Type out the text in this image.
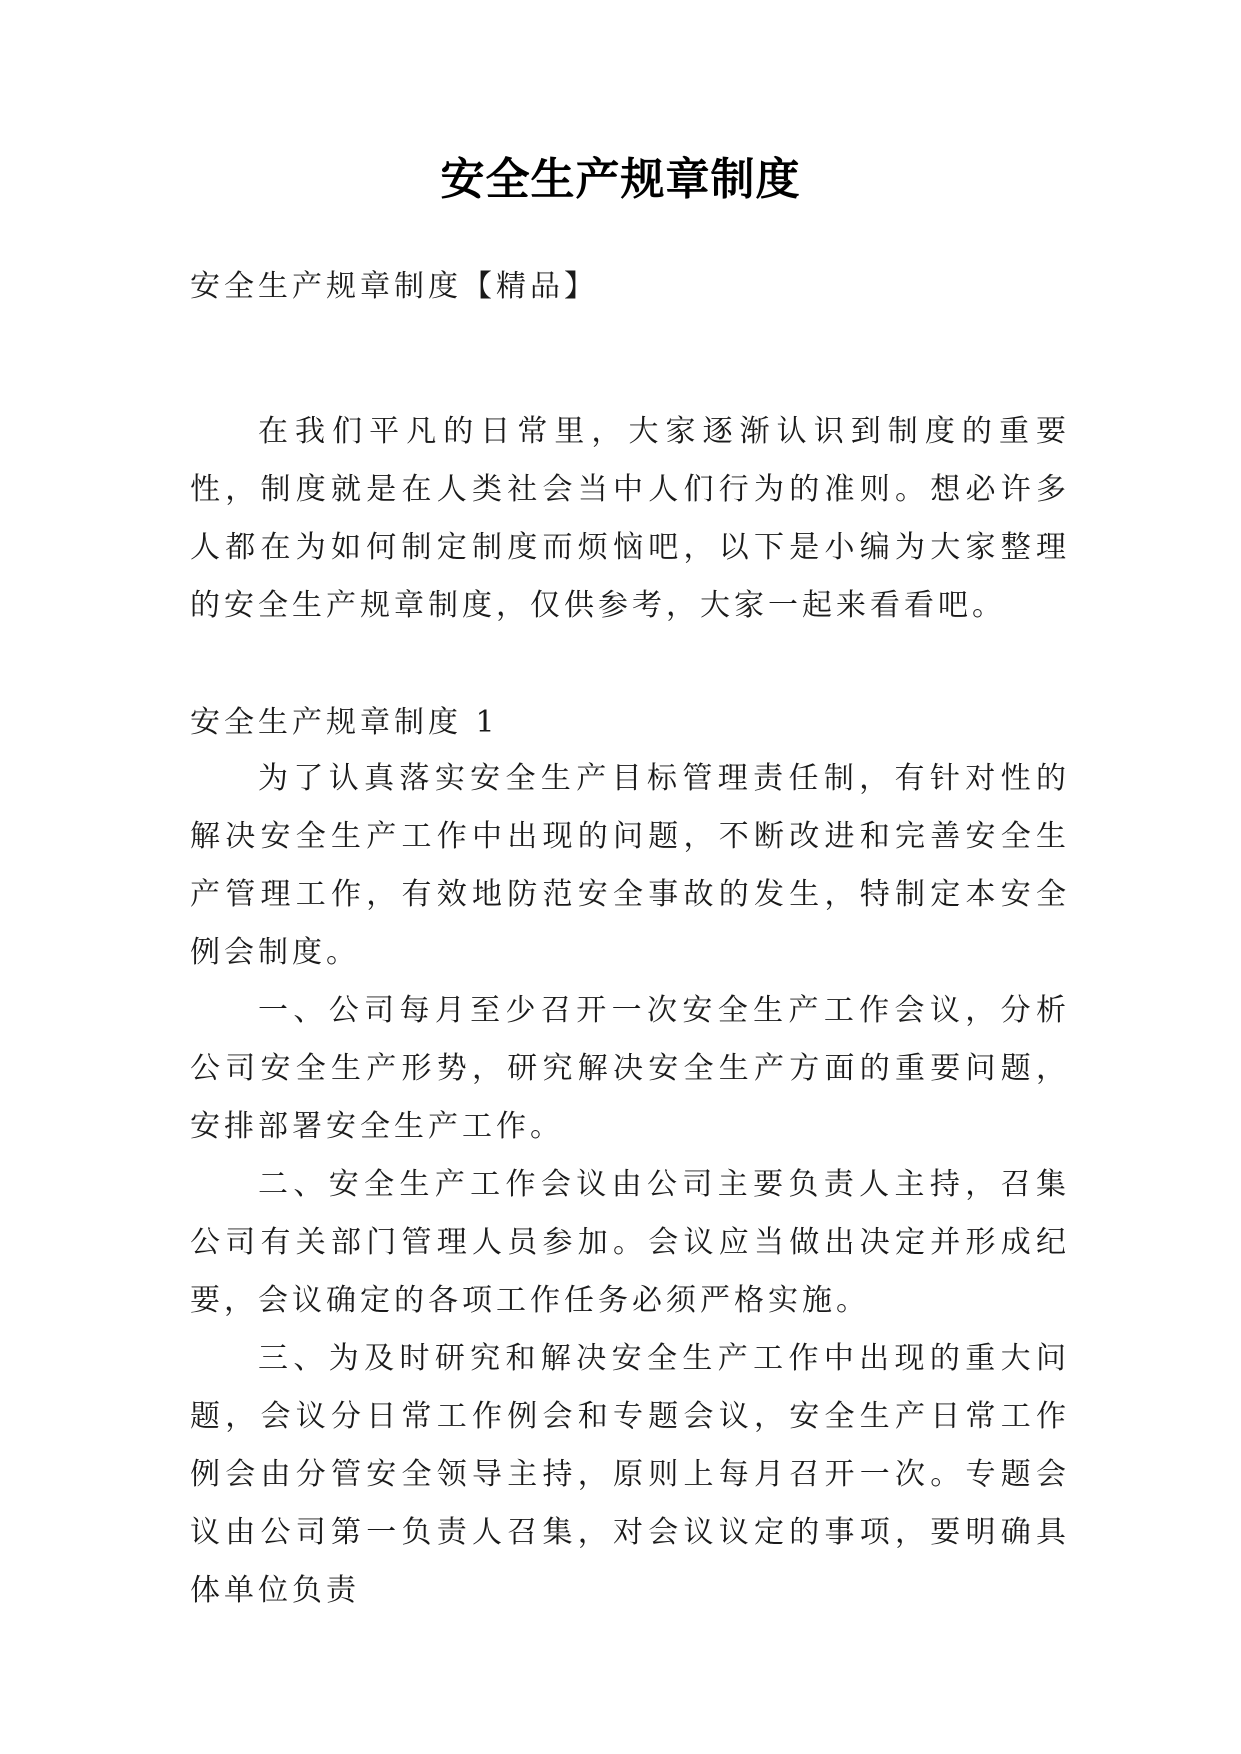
安全生产规章制度
安全生产规章制度【精品】
在我们平凡的日常里，大家逐渐认识到制度的重要性，制度就是在人类社会当中人们行为的准则。想必许多人都在为如何制定制度而烦恼吧，以下是小编为大家整理的安全生产规章制度，仅供参考，大家一起来看看吧。
安全生产规章制度 1

为了认真落实安全生产目标管理责任制，有针对性的解决安全生产工作中出现的问题，不断改进和完善安全生产管理工作，有效地防范安全事故的发生，特制定本安全例会制度。

一、公司每月至少召开一次安全生产工作会议，分析公司安全生产形势，研究解决安全生产方面的重要问题，安排部署安全生产工作。

二、安全生产工作会议由公司主要负责人主持，召集公司有关部门管理人员参加。会议应当做出决定并形成纪要，会议确定的各项工作任务必须严格实施。

三、为及时研究和解决安全生产工作中出现的重大问题，会议分日常工作例会和专题会议，安全生产日常工作例会由分管安全领导主持，原则上每月召开一次。专题会议由公司第一负责人召集，对会议议定的事项，要明确具体单位负责
